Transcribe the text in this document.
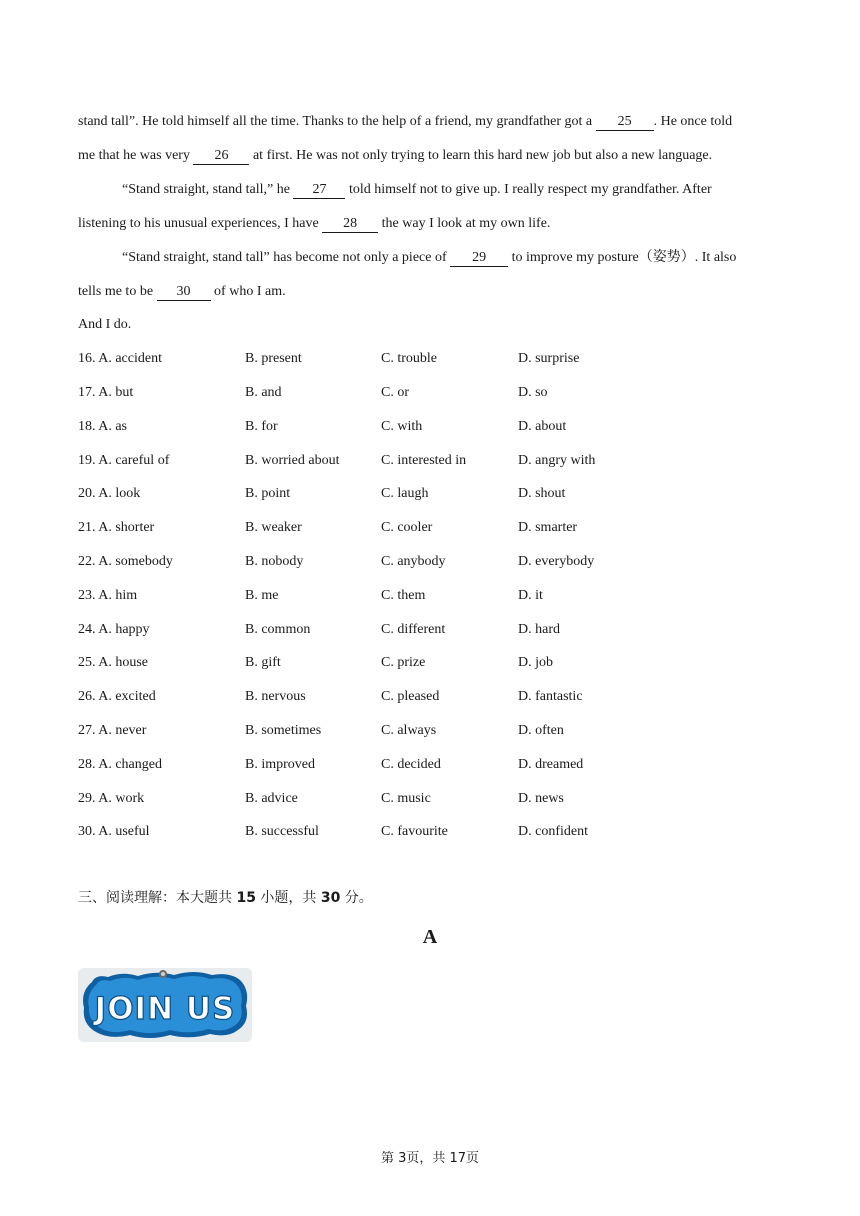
stand tall”. He told himself all the time. Thanks to the help of a friend, my grandfather got a 25 . He once told
me that he was very 26 at first. He was not only trying to learn this hard new job but also a new language.
“Stand straight, stand tall,” he 27 told himself not to give up. I really respect my grandfather. After
listening to his unusual experiences, I have 28 the way I look at my own life.
“Stand straight, stand tall” has become not only a piece of 29 to improve my posture（姿势）. It also
tells me to be 30 of who I am.
And I do.
16. A. accident	B. present	C. trouble	D. surprise
17. A. but	B. and	C. or	D. so
18. A. as	B. for	C. with	D. about
19. A. careful of	B. worried about	C. interested in	D. angry with
20. A. look	B. point	C. laugh	D. shout
21. A. shorter	B. weaker	C. cooler	D. smarter
22. A. somebody	B. nobody	C. anybody	D. everybody
23. A. him	B. me	C. them	D. it
24. A. happy	B. common	C. different	D. hard
25. A. house	B. gift	C. prize	D. job
26. A. excited	B. nervous	C. pleased	D. fantastic
27. A. never	B. sometimes	C. always	D. often
28. A. changed	B. improved	C. decided	D. dreamed
29. A. work	B. advice	C. music	D. news
30. A. useful	B. successful	C. favourite	D. confident
三、阅读理解：本大题共 15 小题，共 30 分。
A
JOIN US
第 3页，共 17页
